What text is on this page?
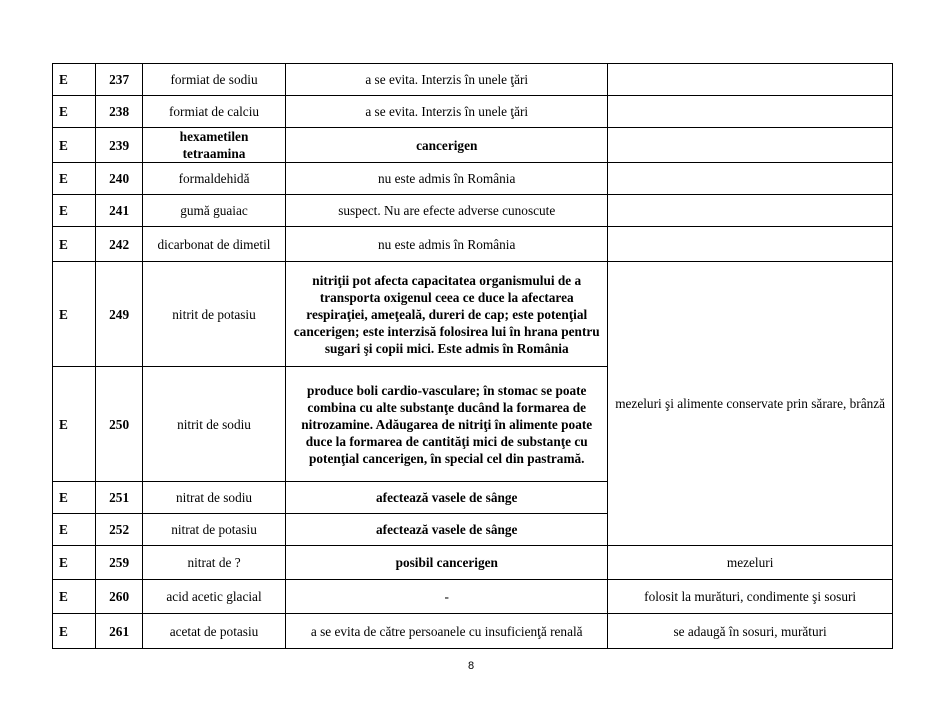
E	237	formiat de sodiu	a se evita. Interzis în unele ţări	
E	238	formiat de calciu	a se evita. Interzis în unele ţări	
E	239	hexametilen tetraamina	cancerigen	
E	240	formaldehidă	nu este admis în România	
E	241	gumă guaiac	suspect. Nu are efecte adverse cunoscute	
E	242	dicarbonat de dimetil	nu este admis în România	
E	249	nitrit de potasiu	nitriţii pot afecta capacitatea organismului de a transporta oxigenul ceea ce duce la afectarea respiraţiei, ameţeală, dureri de cap; este potenţial cancerigen; este interzisă folosirea lui în hrana pentru sugari şi copii mici. Este admis în România	mezeluri şi alimente conservate prin sărare, brânză
E	250	nitrit de sodiu	produce boli cardio-vasculare; în stomac se poate combina cu alte substanţe ducând la formarea de nitrozamine. Adăugarea de nitriţi în alimente poate duce la formarea de cantităţi mici de substanţe cu potenţial cancerigen, în special cel din pastramă.	
E	251	nitrat de sodiu	afectează vasele de sânge	
E	252	nitrat de potasiu	afectează vasele de sânge	
E	259	nitrat de ?	posibil cancerigen	mezeluri
E	260	acid acetic glacial	-	folosit la murături, condimente şi sosuri
E	261	acetat de potasiu	a se evita de către persoanele cu insuficienţă renală	se adaugă în sosuri, murături
8
